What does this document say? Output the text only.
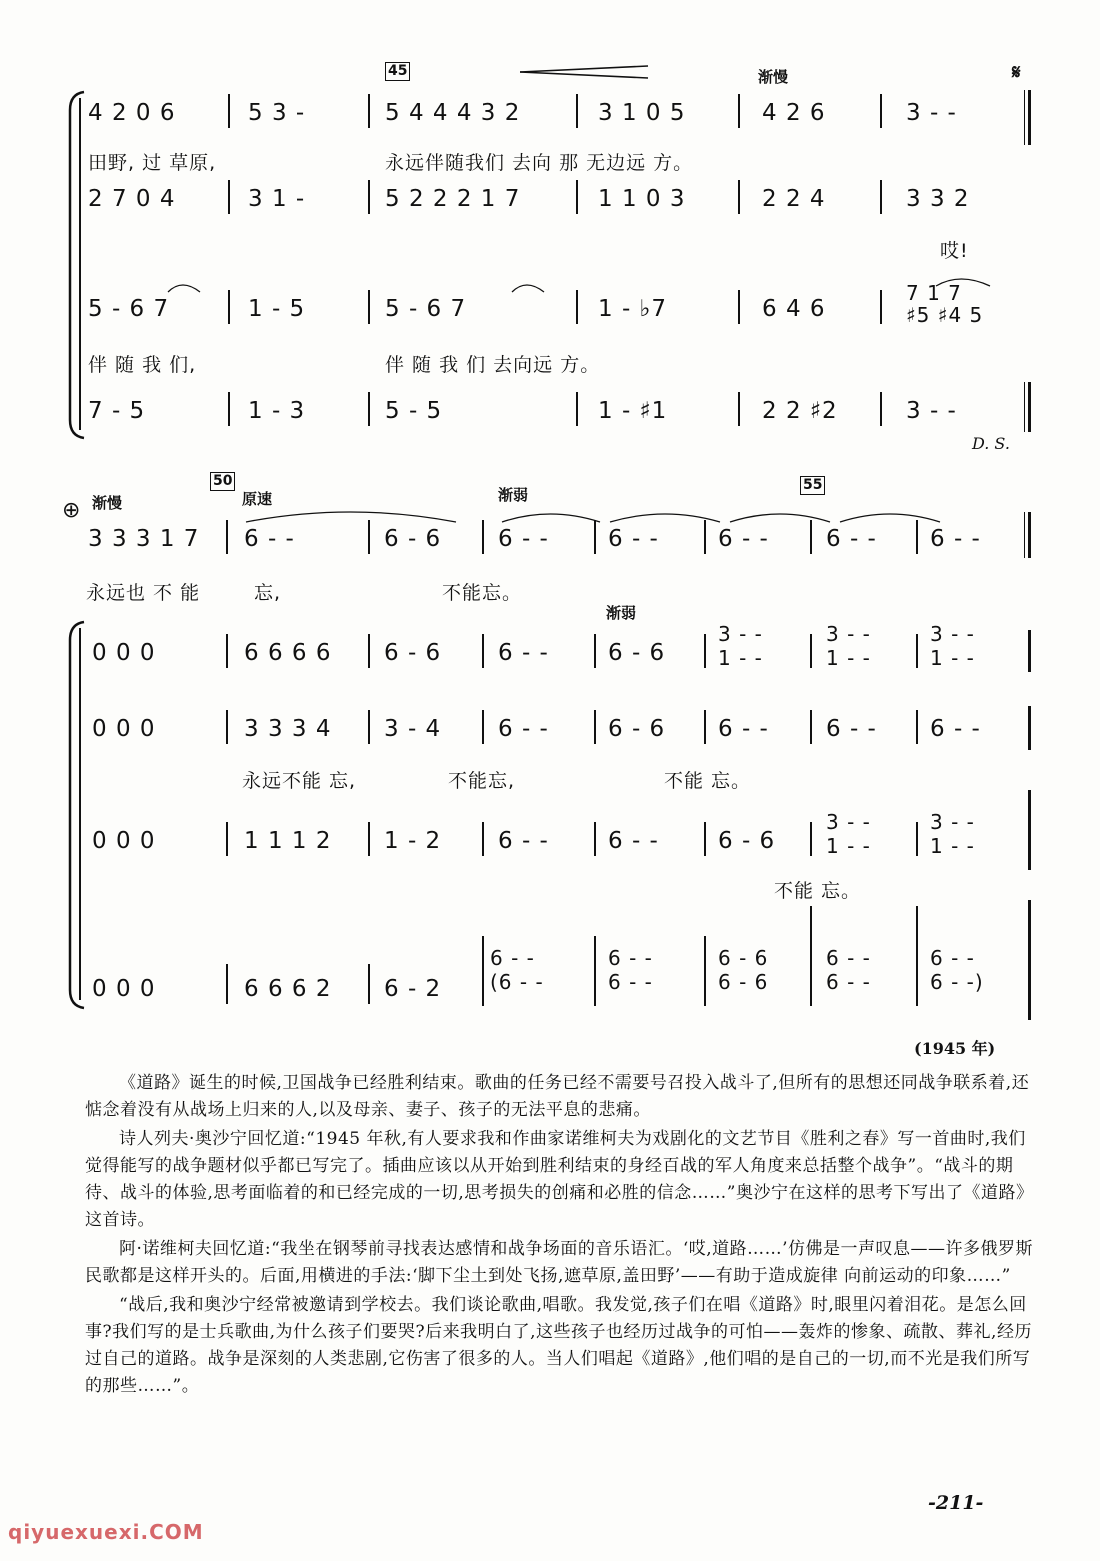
45	渐慢	𝄋
4 2 0 6	5 3 -	5 4 4 4 3 2	3 1 0 5	4 2 6	3 - -
田野, 过 草原,	永远伴随我们 去向 那 无边远 方。
2 7 0 4	3 1 -	5 2 2 2 1 7	1 1 0 3	2 2 4	3 3 2
哎!
5 - 6 7	1 - 5	5 - 6 7	1 - ♭7	6 4 6
7 1 7
♯5 ♯4 5
伴 随 我 们,	伴 随 我 们 去向远 方。
7 - 5	1 - 3	5 - 5	1 - ♯1	2 2 ♯2	3 - -
D. S.
⊕ 渐慢
50
原速	渐弱
55
渐弱
3 3 3 1 7 6 - -	6 - 6 6 - -	6 - -	6 - - 6 - - 6 - -
永远也 不 能	忘,	不能忘。
0 0 0	6 6 6 6 6 - 6 6 - -	6 - 6
3 - -
1 - -
3 - -
1 - -
3 - -
1 - -
0 0 0	3 3 3 4 3 - 4 6 - -	6 - 6 6 - - 6 - - 6 - -
永远不能 忘,	不能忘,	不能 忘。
0 0 0	1 1 1 2 1 - 2 6 - -	6 - -	6 - 6
3 - -
1 - -
3 - -
1 - -
不能 忘。
0 0 0	6 6 6 2 6 - 2
6 - -
(6 - -
6 - -
6 - -
6 - 6
6 - 6
6 - -
6 - -
6 - -
6 - -)
(1945 年)

《道路》诞生的时候,卫国战争已经胜利结束。歌曲的任务已经不需要号召投入战斗了,但所有的思想还同战争联系着,还惦念着没有从战场上归来的人,以及母亲、妻子、孩子的无法平息的悲痛。

诗人列夫·奥沙宁回忆道:“1945 年秋,有人要求我和作曲家诺维柯夫为戏剧化的文艺节目《胜利之春》写一首曲时,我们觉得能写的战争题材似乎都已写完了。插曲应该以从开始到胜利结束的身经百战的军人角度来总括整个战争”。“战斗的期待、战斗的体验,思考面临着的和已经完成的一切,思考损失的创痛和必胜的信念……”奥沙宁在这样的思考下写出了《道路》这首诗。

阿·诺维柯夫回忆道:“我坐在钢琴前寻找表达感情和战争场面的音乐语汇。‘哎,道路……’仿佛是一声叹息——许多俄罗斯民歌都是这样开头的。后面,用横进的手法:‘脚下尘土到处飞扬,遮草原,盖田野’——有助于造成旋律 向前运动的印象……”

“战后,我和奥沙宁经常被邀请到学校去。我们谈论歌曲,唱歌。我发觉,孩子们在唱《道路》时,眼里闪着泪花。是怎么回事?我们写的是士兵歌曲,为什么孩子们要哭?后来我明白了,这些孩子也经历过战争的可怕——轰炸的惨象、疏散、葬礼,经历过自己的道路。战争是深刻的人类悲剧,它伤害了很多的人。当人们唱起《道路》,他们唱的是自己的一切,而不光是我们所写的那些……”。

-211-
qiyuexuexi.COM
